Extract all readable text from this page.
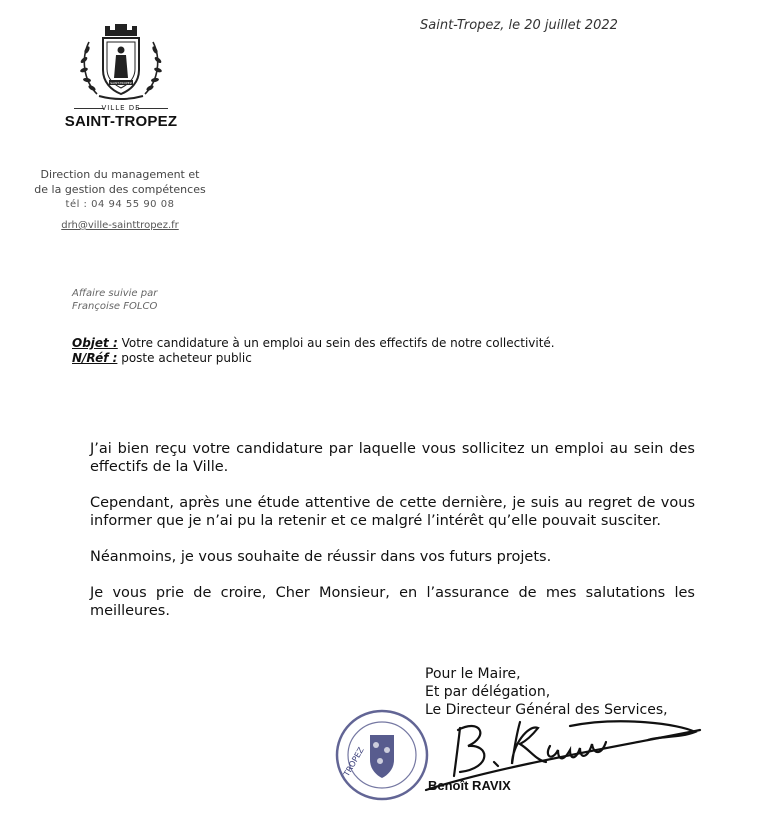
Saint-Tropez, le 20 juillet 2022
SAINT-TROPEZ
VILLE DE
SAINT-TROPEZ
Direction du management et
de la gestion des compétences
tél : 04 94 55 90 08
drh@ville-sainttropez.fr
Affaire suivie par
Françoise FOLCO
Objet : Votre candidature à un emploi au sein des effectifs de notre collectivité.
N/Réf : poste acheteur public

J’ai bien reçu votre candidature par laquelle vous sollicitez un emploi au sein des effectifs de la Ville.

Cependant, après une étude attentive de cette dernière, je suis au regret de vous informer que je n’ai pu la retenir et ce malgré l’intérêt qu’elle pouvait susciter.

Néanmoins, je vous souhaite de réussir dans vos futurs projets.

Je vous prie de croire, Cher Monsieur, en l’assurance de mes salutations les meilleures.

TROPEZ
Pour le Maire,
Et par délégation,
Le Directeur Général des Services,
Benoît RAVIX
